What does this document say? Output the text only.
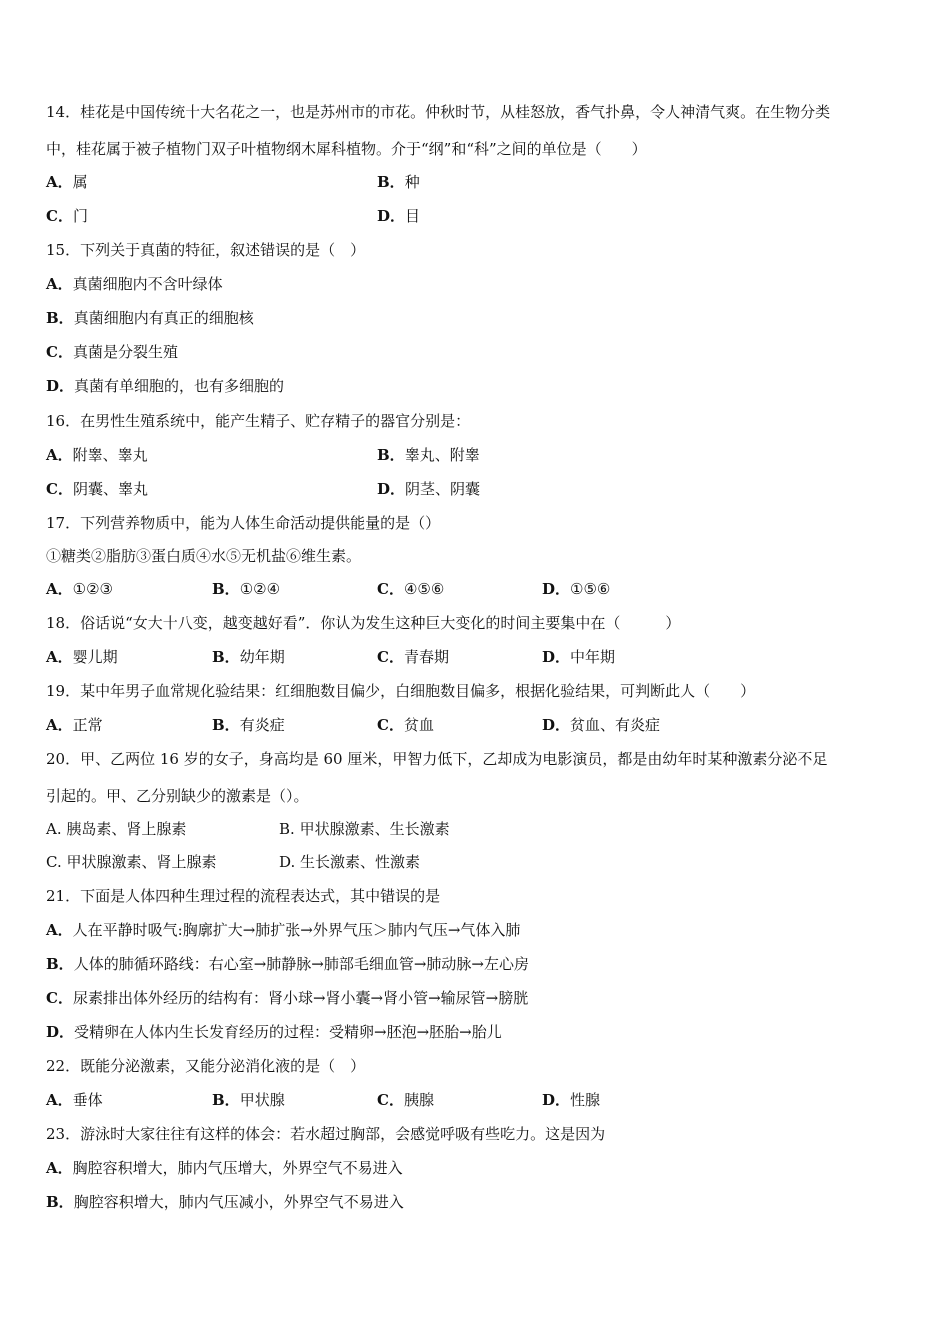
14．桂花是中国传统十大名花之一，也是苏州市的市花。仲秋时节，从桂怒放，香气扑鼻，令人神清气爽。在生物分类
中，桂花属于被子植物门双子叶植物纲木犀科植物。介于“纲”和“科”之间的单位是（　　）
A．属	B．种
C．门	D．目
15．下列关于真菌的特征，叙述错误的是（　）
A．真菌细胞内不含叶绿体
B．真菌细胞内有真正的细胞核
C．真菌是分裂生殖
D．真菌有单细胞的，也有多细胞的
16．在男性生殖系统中，能产生精子、贮存精子的器官分别是：
A．附睾、睾丸	B．睾丸、附睾
C．阴囊、睾丸	D．阴茎、阴囊
17．下列营养物质中，能为人体生命活动提供能量的是（）
①糖类②脂肪③蛋白质④水⑤无机盐⑥维生素。
A．①②③	B．①②④	C．④⑤⑥	D．①⑤⑥
18．俗话说“女大十八变，越变越好看”．你认为发生这种巨大变化的时间主要集中在（　　　）
A．婴儿期	B．幼年期	C．青春期	D．中年期
19．某中年男子血常规化验结果：红细胞数目偏少，白细胞数目偏多，根据化验结果，可判断此人（　　）
A．正常	B．有炎症	C．贫血	D．贫血、有炎症
20．甲、乙两位 16 岁的女子，身高均是 60 厘米，甲智力低下，乙却成为电影演员，都是由幼年时某种激素分泌不足
引起的。甲、乙分别缺少的激素是（）。
A. 胰岛素、肾上腺素	B. 甲状腺激素、生长激素
C. 甲状腺激素、肾上腺素	D. 生长激素、性激素
21．下面是人体四种生理过程的流程表达式，其中错误的是
A．人在平静时吸气:胸廓扩大→肺扩张→外界气压＞肺内气压→气体入肺
B．人体的肺循环路线：右心室→肺静脉→肺部毛细血管→肺动脉→左心房
C．尿素排出体外经历的结构有：肾小球→肾小囊→肾小管→输尿管→膀胱
D．受精卵在人体内生长发育经历的过程：受精卵→胚泡→胚胎→胎儿
22．既能分泌激素，又能分泌消化液的是（　）
A．垂体	B．甲状腺	C．胰腺	D．性腺
23．游泳时大家往往有这样的体会：若水超过胸部，会感觉呼吸有些吃力。这是因为
A．胸腔容积增大，肺内气压增大，外界空气不易进入
B．胸腔容积增大，肺内气压减小，外界空气不易进入
